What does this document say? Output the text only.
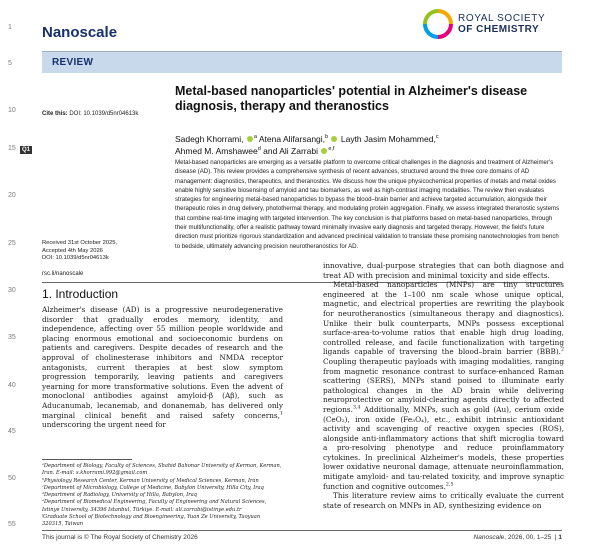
1
5
10
15
20
25
30
35
40
45
50
55
Q1
Nanoscale
ROYAL SOCIETY
OF CHEMISTRY
REVIEW
Cite this: DOI: 10.1039/d5nr04613k
Metal-based nanoparticles' potential in Alzheimer's disease diagnosis, therapy and theranostics
Sadegh Khorrami, $^a$ Atena Alifarsangi,$^b$ Layth Jasim Mohammed,$^c$
Ahmed M. Amshawee$^d$ and Ali Zarrabi $^{e,f}$
Metal-based nanoparticles are emerging as a versatile platform to overcome critical challenges in the diagnosis and treatment of Alzheimer's disease (AD). This review provides a comprehensive synthesis of recent advances, structured around the three core domains of AD management: diagnostics, therapeutics, and theranostics. We discuss how the unique physicochemical properties of metals and metal oxides enable highly sensitive biosensing of amyloid and tau biomarkers, as well as high-contrast imaging modalities. The review then evaluates strategies for engineering metal-based nanoparticles to bypass the blood–brain barrier and achieve targeted accumulation, alongside their therapeutic roles in drug delivery, photothermal therapy, and modulating protein aggregation. Finally, we assess integrated theranostic systems that combine real-time imaging with targeted intervention. The key conclusion is that platforms based on metal-based nanoparticles, through their multifunctionality, offer a realistic pathway toward minimally invasive early diagnosis and targeted therapy. However, the field's future direction must prioritize rigorous standardization and advanced preclinical validation to translate these promising nanotechnologies from bench to bedside, ultimately advancing precision neurotheranostics for AD.
Received 31st October 2025,
Accepted 4th May 2026
DOI: 10.1039/d5nr04613k
rsc.li/nanoscale
1. Introduction

Alzheimer's disease (AD) is a progressive neurodegenerative disorder that gradually erodes memory, identity, and independence, affecting over 55 million people worldwide and placing enormous emotional and socioeconomic burdens on patients and caregivers. Despite decades of research and the approval of cholinesterase inhibitors and NMDA receptor antagonists, current therapies at best slow symptom progression temporarily, leaving patients and caregivers yearning for more transformative solutions. Even the advent of monoclonal antibodies against amyloid-β (Aβ), such as Aducanumab, lecanemab, and donanemab, has delivered only marginal clinical benefit and raised safety concerns,$^1$ underscoring the urgent need for

innovative, dual-purpose strategies that can both diagnose and treat AD with precision and minimal toxicity and side effects.

Metal-based nanoparticles (MNPs) are tiny structures engineered at the 1–100 nm scale whose unique optical, magnetic, and electrical properties are rewriting the playbook for neurotheranostics (simultaneous therapy and diagnostics). Unlike their bulk counterparts, MNPs possess exceptional surface-area-to-volume ratios that enable high drug loading, controlled release, and facile functionalization with targeting ligands capable of traversing the blood–brain barrier (BBB).$^2$ Coupling therapeutic payloads with imaging modalities, ranging from magnetic resonance contrast to surface-enhanced Raman scattering (SERS), MNPs stand poised to illuminate early pathological changes in the AD brain while delivering neuroprotective or amyloid-clearing agents directly to affected regions.$^{3,4}$ Additionally, MNPs, such as gold (Au), cerium oxide (CeO₂), iron oxide (Fe₃O₄), etc., exhibit intrinsic antioxidant activity and scavenging of reactive oxygen species (ROS), alongside anti-inflammatory actions that shift microglia toward a pro-resolving phenotype and reduce proinflammatory cytokines. In preclinical Alzheimer's models, these properties lower oxidative neuronal damage, attenuate neuroinflammation, mitigate amyloid- and tau-related toxicity, and improve synaptic function and cognitive outcomes.$^{2,5}$

This literature review aims to critically evaluate the current state of research on MNPs in AD, synthesizing evidence on

ᵃDepartment of Biology, Faculty of Sciences, Shahid Bahonar University of Kerman, Kerman, Iran. E-mail: s.khorrami.992@gmail.com
ᵇPhysiology Research Center, Kerman University of Medical Sciences, Kerman, Iran
ᶜDepartment of Microbiology, College of Medicine, Babylon University, Hilla City, Iraq
ᵈDepartment of Radiology, University of Hilla, Babylon, Iraq
ᵉDepartment of Biomedical Engineering, Faculty of Engineering and Natural Sciences, Istinye University, 34396 Istanbul, Türkiye. E-mail: ali.zarrabi@istinye.edu.tr
ᶠGraduate School of Biotechnology and Bioengineering, Yuan Ze University, Taoyuan 320315, Taiwan
This journal is © The Royal Society of Chemistry 2026	Nanoscale, 2026, 00, 1–25  | 1
